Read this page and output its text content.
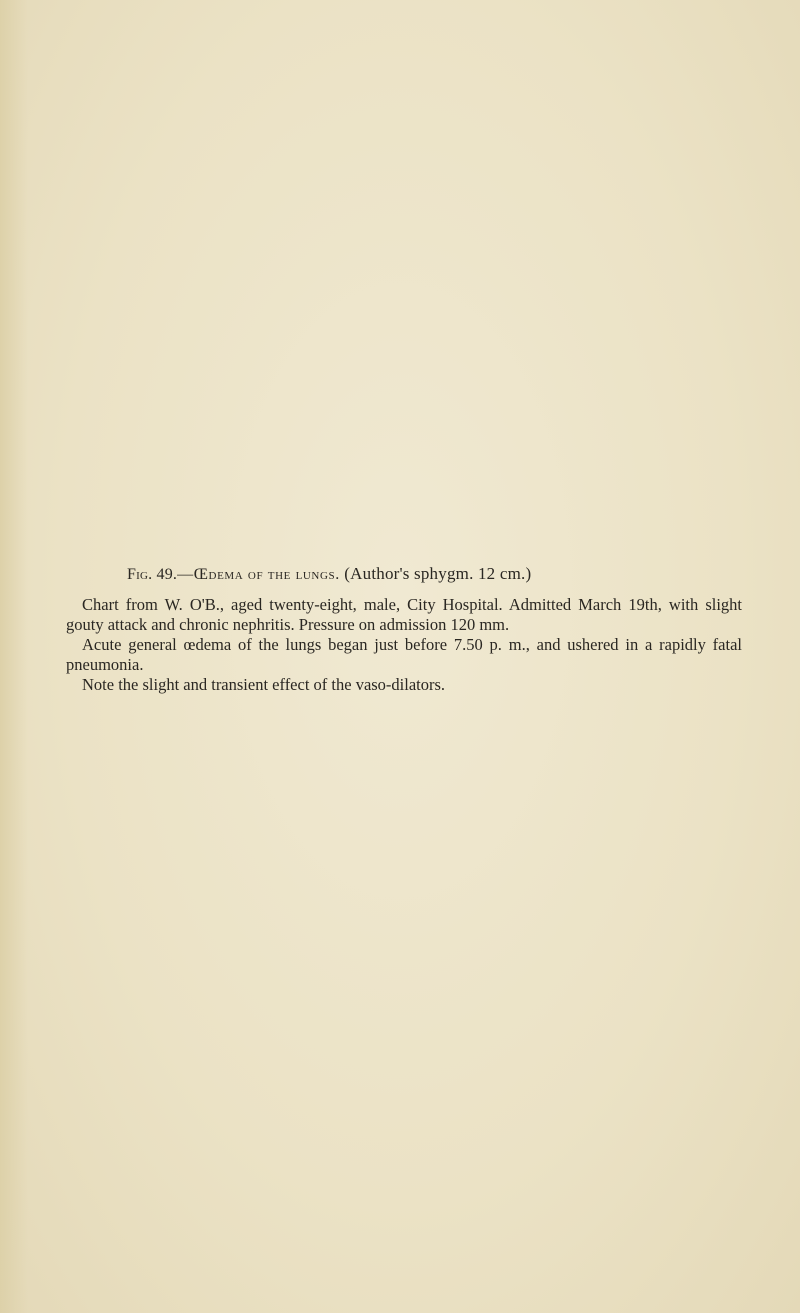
Fig. 49.—Œdema of the lungs. (Author's sphygm. 12 cm.)

Chart from W. O'B., aged twenty-eight, male, City Hospital. Admitted March 19th, with slight gouty attack and chronic nephritis. Pressure on admission 120 mm.

Acute general œdema of the lungs began just before 7.50 p. m., and ushered in a rapidly fatal pneumonia.

Note the slight and transient effect of the vaso-dilators.
